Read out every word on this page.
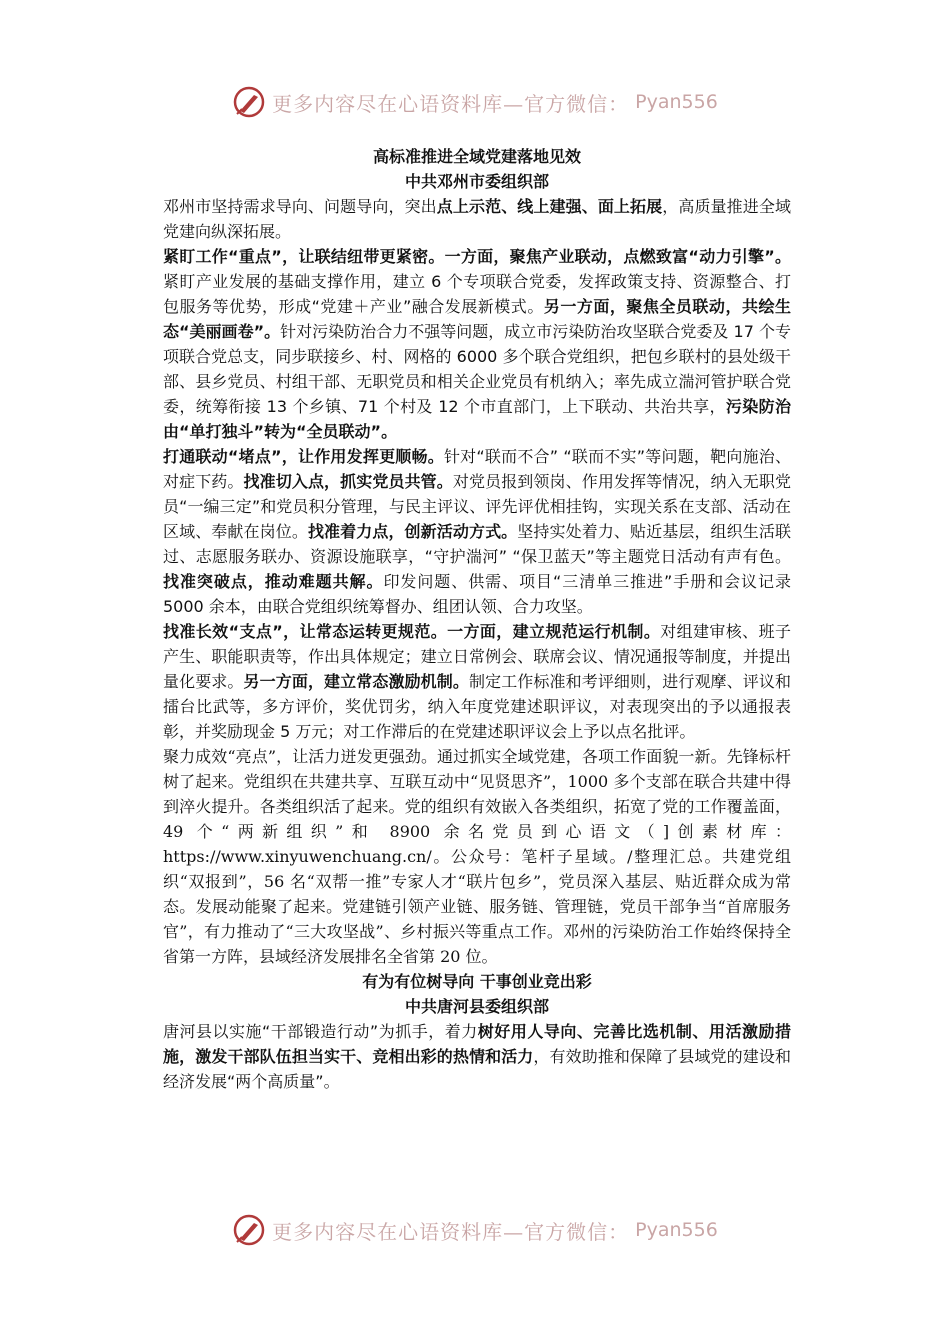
更多内容尽在心语资料库—官方微信： Pyan556
高标准推进全域党建落地见效
中共邓州市委组织部

邓州市坚持需求导向、问题导向，突出点上示范、线上建强、面上拓展，高质量推进全域党建向纵深拓展。

紧盯工作“重点”，让联结纽带更紧密。一方面，聚焦产业联动，点燃致富“动力引擎”。紧盯产业发展的基础支撑作用，建立 6 个专项联合党委，发挥政策支持、资源整合、打包服务等优势，形成“党建＋产业”融合发展新模式。另一方面，聚焦全员联动，共绘生态“美丽画卷”。针对污染防治合力不强等问题，成立市污染防治攻坚联合党委及 17 个专项联合党总支，同步联接乡、村、网格的 6000 多个联合党组织，把包乡联村的县处级干部、县乡党员、村组干部、无职党员和相关企业党员有机纳入；率先成立湍河管护联合党委，统筹衔接 13 个乡镇、71 个村及 12 个市直部门，上下联动、共治共享，污染防治由“单打独斗”转为“全员联动”。

打通联动“堵点”，让作用发挥更顺畅。针对“联而不合” “联而不实”等问题，靶向施治、对症下药。找准切入点，抓实党员共管。对党员报到领岗、作用发挥等情况，纳入无职党员“一编三定”和党员积分管理，与民主评议、评先评优相挂钩，实现关系在支部、活动在区域、奉献在岗位。找准着力点，创新活动方式。坚持实处着力、贴近基层，组织生活联过、志愿服务联办、资源设施联享，“守护湍河” “保卫蓝天”等主题党日活动有声有色。找准突破点，推动难题共解。印发问题、供需、项目“三清单三推进”手册和会议记录 5000 余本，由联合党组织统筹督办、组团认领、合力攻坚。

找准长效“支点”，让常态运转更规范。一方面，建立规范运行机制。对组建审核、班子产生、职能职责等，作出具体规定；建立日常例会、联席会议、情况通报等制度，并提出量化要求。另一方面，建立常态激励机制。制定工作标准和考评细则，进行观摩、评议和擂台比武等，多方评价，奖优罚劣，纳入年度党建述职评议，对表现突出的予以通报表彰，并奖励现金 5 万元；对工作滞后的在党建述职评议会上予以点名批评。

聚力成效“亮点”，让活力迸发更强劲。通过抓实全域党建，各项工作面貌一新。先锋标杆树了起来。党组织在共建共享、互联互动中“见贤思齐”，1000 多个支部在联合共建中得到淬火提升。各类组织活了起来。党的组织有效嵌入各类组织，拓宽了党的工作覆盖面，49 个“两新组织”和 8900 余名党员到心语文（]创素材库：https://www.xinyuwenchuang.cn/。公众号：笔杆子星域。/整理汇总。共建党组织“双报到”，56 名“双帮一推”专家人才“联片包乡”，党员深入基层、贴近群众成为常态。发展动能聚了起来。党建链引领产业链、服务链、管理链，党员干部争当“首席服务官”，有力推动了“三大攻坚战”、乡村振兴等重点工作。邓州的污染防治工作始终保持全省第一方阵，县域经济发展排名全省第 20 位。

有为有位树导向 干事创业竞出彩
中共唐河县委组织部

唐河县以实施“干部锻造行动”为抓手，着力树好用人导向、完善比选机制、用活激励措施，激发干部队伍担当实干、竞相出彩的热情和活力，有效助推和保障了县域党的建设和经济发展“两个高质量”。

更多内容尽在心语资料库—官方微信： Pyan556
